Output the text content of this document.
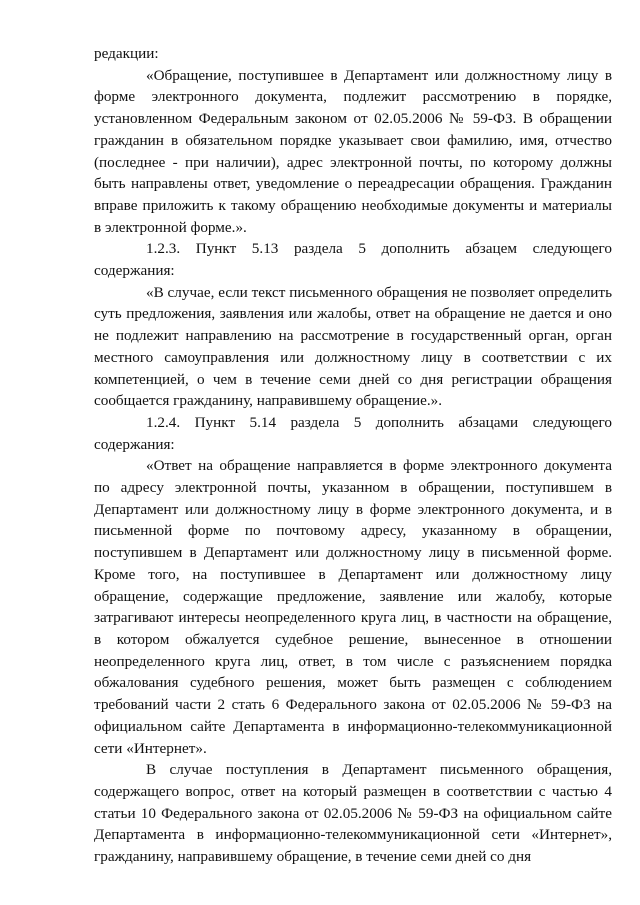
редакции:

«Обращение, поступившее в Департамент или должностному лицу в форме электронного документа, подлежит рассмотрению в порядке, установленном Федеральным законом от 02.05.2006 № 59-ФЗ. В обращении гражданин в обязательном порядке указывает свои фамилию, имя, отчество (последнее - при наличии), адрес электронной почты, по которому должны быть направлены ответ, уведомление о переадресации обращения. Гражданин вправе приложить к такому обращению необходимые документы и материалы в электронной форме.».

1.2.3. Пункт 5.13 раздела 5 дополнить абзацем следующего содержания:

«В случае, если текст письменного обращения не позволяет определить суть предложения, заявления или жалобы, ответ на обращение не дается и оно не подлежит направлению на рассмотрение в государственный орган, орган местного самоуправления или должностному лицу в соответствии с их компетенцией, о чем в течение семи дней со дня регистрации обращения сообщается гражданину, направившему обращение.».

1.2.4. Пункт 5.14 раздела 5 дополнить абзацами следующего содержания:

«Ответ на обращение направляется в форме электронного документа по адресу электронной почты, указанном в обращении, поступившем в Департамент или должностному лицу в форме электронного документа, и в письменной форме по почтовому адресу, указанному в обращении, поступившем в Департамент или должностному лицу в письменной форме. Кроме того, на поступившее в Департамент или должностному лицу обращение, содержащие предложение, заявление или жалобу, которые затрагивают интересы неопределенного круга лиц, в частности на обращение, в котором обжалуется судебное решение, вынесенное в отношении неопределенного круга лиц, ответ, в том числе с разъяснением порядка обжалования судебного решения, может быть размещен с соблюдением требований части 2 стать 6 Федерального закона от 02.05.2006 № 59-ФЗ на официальном сайте Департамента в информационно-телекоммуникационной сети «Интернет».

В случае поступления в Департамент письменного обращения, содержащего вопрос, ответ на который размещен в соответствии с частью 4 статьи 10 Федерального закона от 02.05.2006 № 59-ФЗ на официальном сайте Департамента в информационно-телекоммуникационной сети «Интернет», гражданину, направившему обращение, в течение семи дней со дня
